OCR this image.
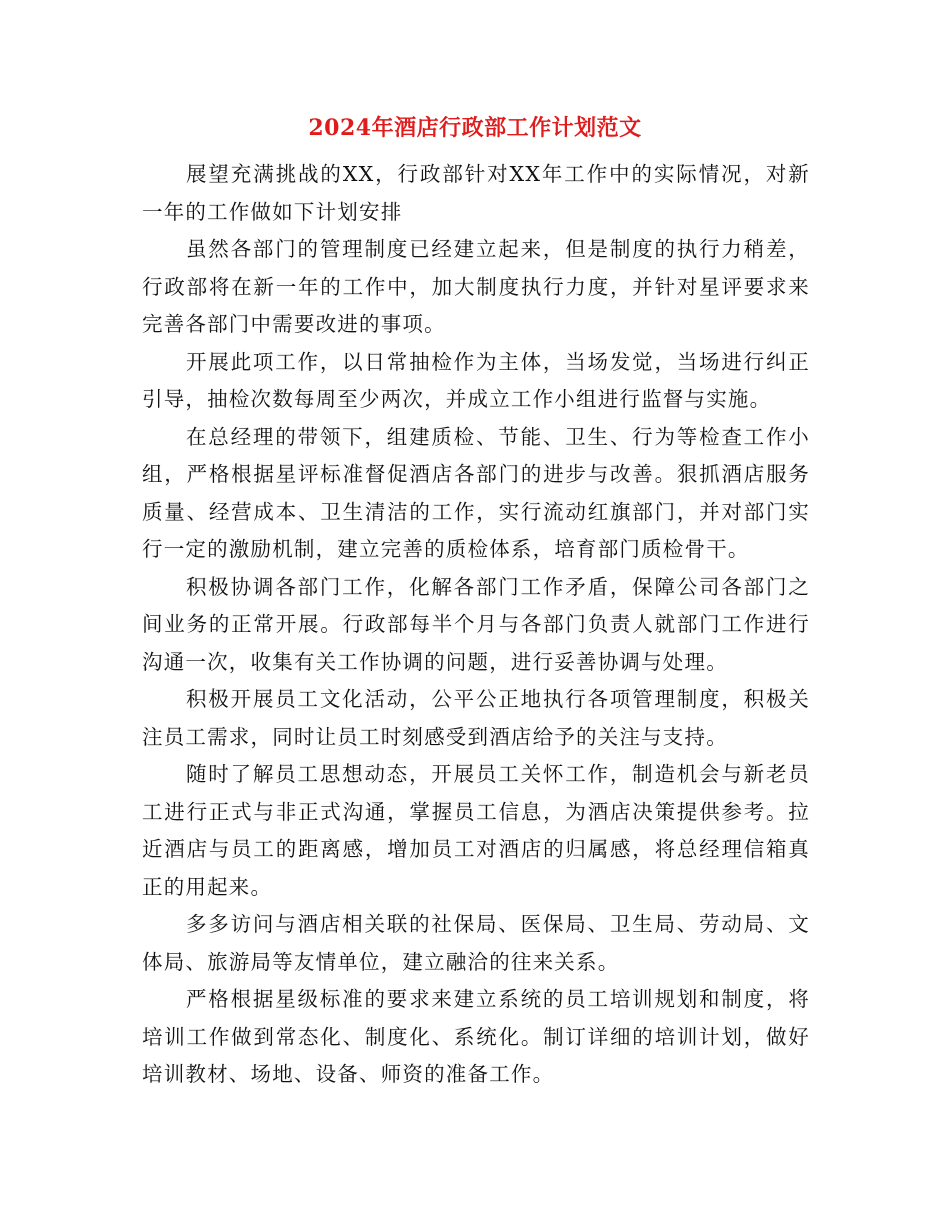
2024年酒店行政部工作计划范文

展望充满挑战的XX，行政部针对XX年工作中的实际情况，对新一年的工作做如下计划安排

虽然各部门的管理制度已经建立起来，但是制度的执行力稍差，行政部将在新一年的工作中，加大制度执行力度，并针对星评要求来完善各部门中需要改进的事项。

开展此项工作，以日常抽检作为主体，当场发觉，当场进行纠正引导，抽检次数每周至少两次，并成立工作小组进行监督与实施。

在总经理的带领下，组建质检、节能、卫生、行为等检查工作小组，严格根据星评标准督促酒店各部门的进步与改善。狠抓酒店服务质量、经营成本、卫生清洁的工作，实行流动红旗部门，并对部门实行一定的激励机制，建立完善的质检体系，培育部门质检骨干。

积极协调各部门工作，化解各部门工作矛盾，保障公司各部门之间业务的正常开展。行政部每半个月与各部门负责人就部门工作进行沟通一次，收集有关工作协调的问题，进行妥善协调与处理。

积极开展员工文化活动，公平公正地执行各项管理制度，积极关注员工需求，同时让员工时刻感受到酒店给予的关注与支持。

随时了解员工思想动态，开展员工关怀工作，制造机会与新老员工进行正式与非正式沟通，掌握员工信息，为酒店决策提供参考。拉近酒店与员工的距离感，增加员工对酒店的归属感，将总经理信箱真正的用起来。

多多访问与酒店相关联的社保局、医保局、卫生局、劳动局、文体局、旅游局等友情单位，建立融洽的往来关系。

严格根据星级标准的要求来建立系统的员工培训规划和制度，将培训工作做到常态化、制度化、系统化。制订详细的培训计划，做好培训教材、场地、设备、师资的准备工作。
